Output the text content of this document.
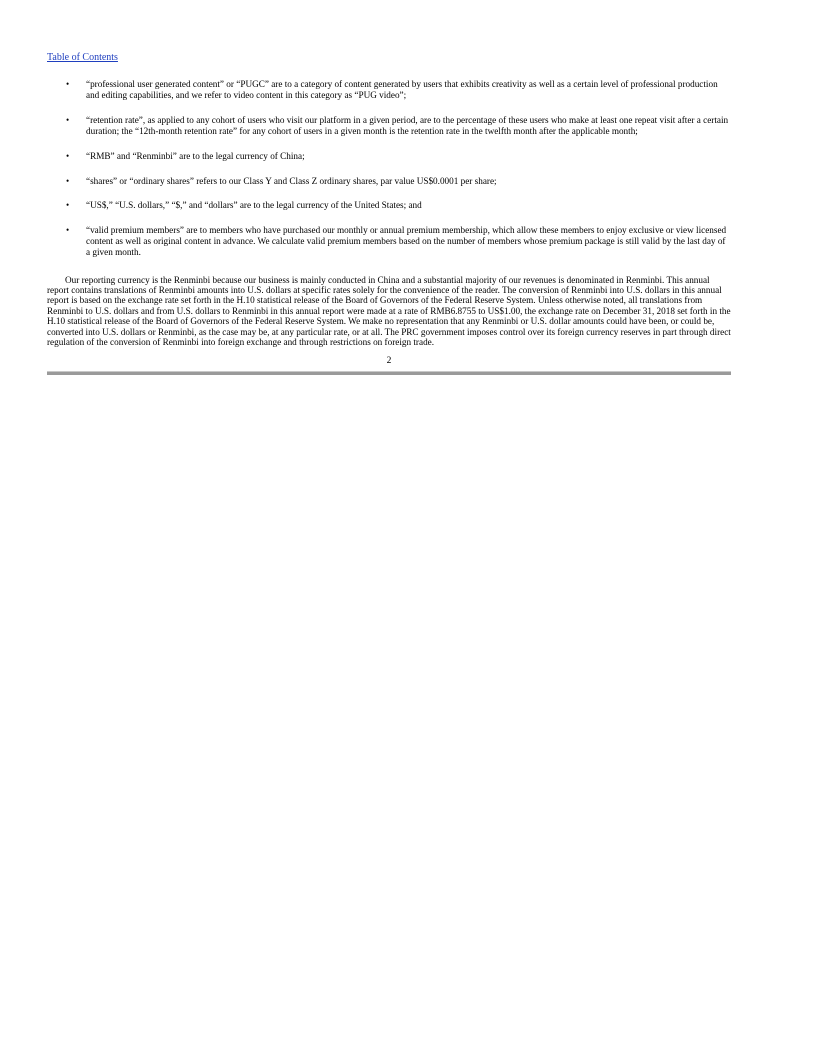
Table of Contents
• “professional user generated content” or “PUGC” are to a category of content generated by users that exhibits creativity as well as a certain level of professional production and editing capabilities, and we refer to video content in this category as “PUG video”;
• “retention rate”, as applied to any cohort of users who visit our platform in a given period, are to the percentage of these users who make at least one repeat visit after a certain duration; the “12th-month retention rate” for any cohort of users in a given month is the retention rate in the twelfth month after the applicable month;
• “RMB” and “Renminbi” are to the legal currency of China;
• “shares” or “ordinary shares” refers to our Class Y and Class Z ordinary shares, par value US$0.0001 per share;
• “US$,” “U.S. dollars,” “$,” and “dollars” are to the legal currency of the United States; and
• “valid premium members” are to members who have purchased our monthly or annual premium membership, which allow these members to enjoy exclusive or view licensed content as well as original content in advance. We calculate valid premium members based on the number of members whose premium package is still valid by the last day of a given month.

Our reporting currency is the Renminbi because our business is mainly conducted in China and a substantial majority of our revenues is denominated in Renminbi. This annual report contains translations of Renminbi amounts into U.S. dollars at specific rates solely for the convenience of the reader. The conversion of Renminbi into U.S. dollars in this annual report is based on the exchange rate set forth in the H.10 statistical release of the Board of Governors of the Federal Reserve System. Unless otherwise noted, all translations from Renminbi to U.S. dollars and from U.S. dollars to Renminbi in this annual report were made at a rate of RMB6.8755 to US$1.00, the exchange rate on December 31, 2018 set forth in the H.10 statistical release of the Board of Governors of the Federal Reserve System. We make no representation that any Renminbi or U.S. dollar amounts could have been, or could be, converted into U.S. dollars or Renminbi, as the case may be, at any particular rate, or at all. The PRC government imposes control over its foreign currency reserves in part through direct regulation of the conversion of Renminbi into foreign exchange and through restrictions on foreign trade.

2
